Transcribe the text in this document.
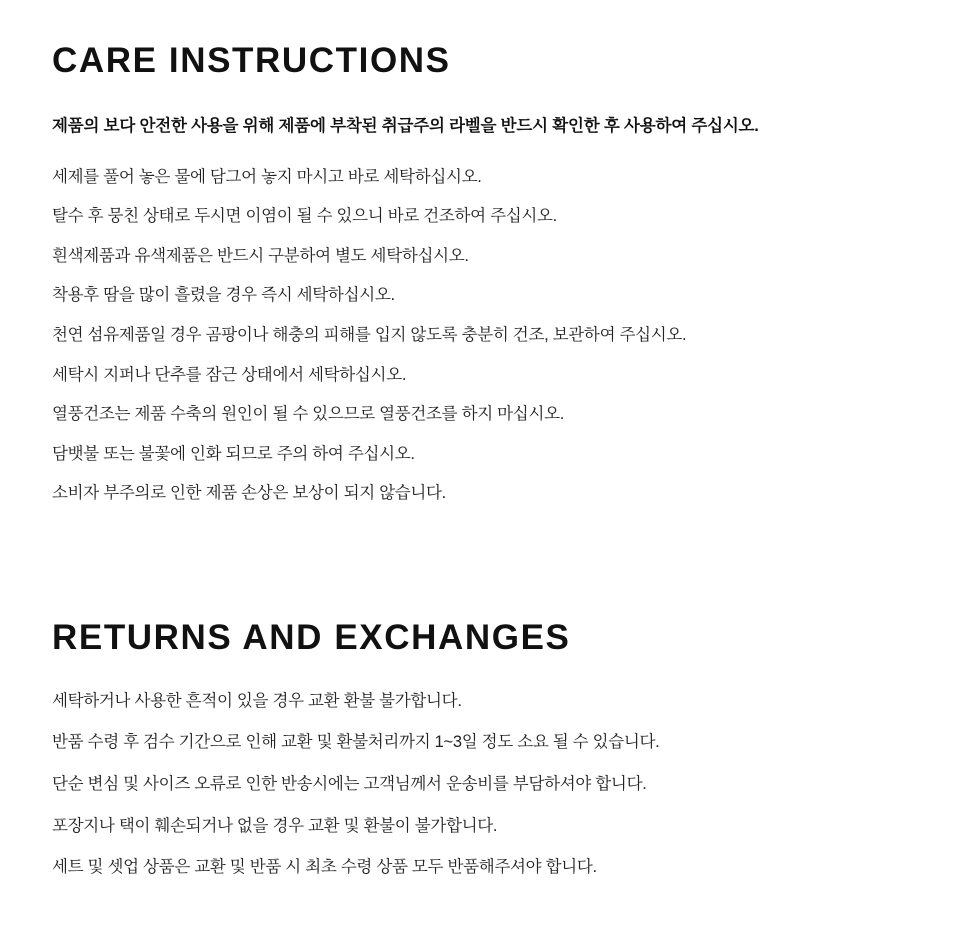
CARE INSTRUCTIONS

제품의 보다 안전한 사용을 위해 제품에 부착된 취급주의 라벨을 반드시 확인한 후 사용하여 주십시오.

세제를 풀어 놓은 물에 담그어 놓지 마시고 바로 세탁하십시오.
탈수 후 뭉친 상태로 두시면 이염이 될 수 있으니 바로 건조하여 주십시오.
흰색제품과 유색제품은 반드시 구분하여 별도 세탁하십시오.
착용후 땀을 많이 흘렸을 경우 즉시 세탁하십시오.
천연 섬유제품일 경우 곰팡이나 해충의 피해를 입지 않도록 충분히 건조, 보관하여 주십시오.
세탁시 지퍼나 단추를 잠근 상태에서 세탁하십시오.
열풍건조는 제품 수축의 원인이 될 수 있으므로 열풍건조를 하지 마십시오.
담뱃불 또는 불꽃에 인화 되므로 주의 하여 주십시오.
소비자 부주의로 인한 제품 손상은 보상이 되지 않습니다.
RETURNS AND EXCHANGES
세탁하거나 사용한 흔적이 있을 경우 교환 환불 불가합니다.
반품 수령 후 검수 기간으로 인해 교환 및 환불처리까지 1~3일 정도 소요 될 수 있습니다.
단순 변심 및 사이즈 오류로 인한 반송시에는 고객님께서 운송비를 부담하셔야 합니다.
포장지나 택이 훼손되거나 없을 경우 교환 및 환불이 불가합니다.
세트 및 셋업 상품은 교환 및 반품 시 최초 수령 상품 모두 반품해주셔야 합니다.
